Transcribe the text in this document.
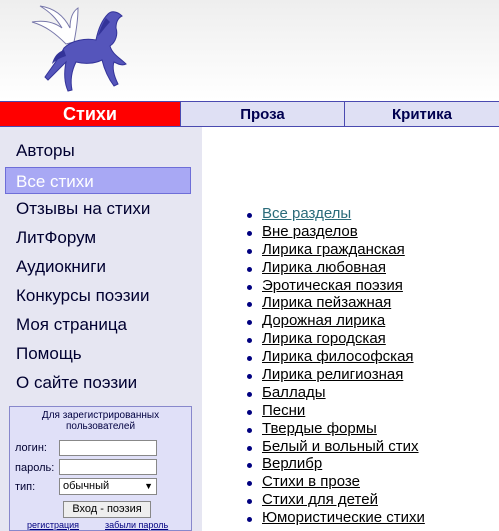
Стихи	Проза	Критика
Авторы
Все стихи
Отзывы на стихи
ЛитФорум
Аудиокниги
Конкурсы поэзии
Моя страница
Помощь
О сайте поэзии
Для зарегистрированных пользователей
логин:
пароль:
тип:	обычный	▼
Вход - поэзия
регистрация	забыли пароль
Все разделы
Вне разделов
Лирика гражданская
Лирика любовная
Эротическая поэзия
Лирика пейзажная
Дорожная лирика
Лирика городская
Лирика философская
Лирика религиозная
Баллады
Песни
Твердые формы
Белый и вольный стих
Верлибр
Стихи в прозе
Стихи для детей
Юмористические стихи
